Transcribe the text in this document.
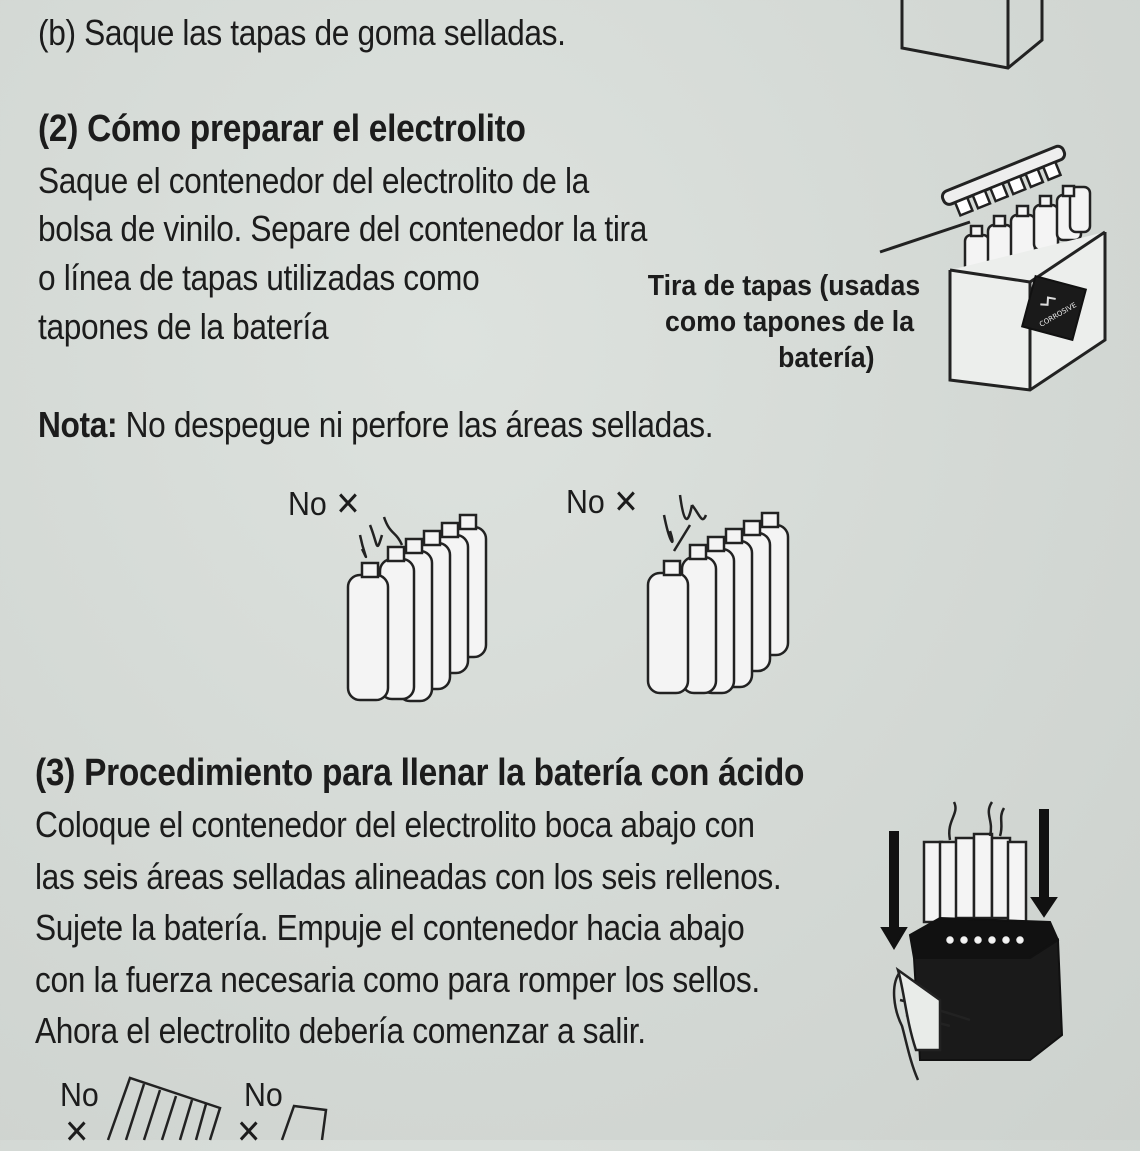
(b) Saque las tapas de goma selladas.
(2) Cómo preparar el electrolito
Saque el contenedor del electrolito de la
bolsa de vinilo. Separe del contenedor la tira
o línea de tapas utilizadas como
tapones de la batería
Tira de tapas (usadas
como tapones de la
batería)
CORROSIVE
Nota: No despegue ni perfore las áreas selladas.
No ✕	No ✕
(3) Procedimiento para llenar la batería con ácido
Coloque el contenedor del electrolito boca abajo con
las seis áreas selladas alineadas con los seis rellenos.
Sujete la batería. Empuje el contenedor hacia abajo
con la fuerza necesaria como para romper los sellos.
Ahora el electrolito debería comenzar a salir.
No
✕
No
✕
